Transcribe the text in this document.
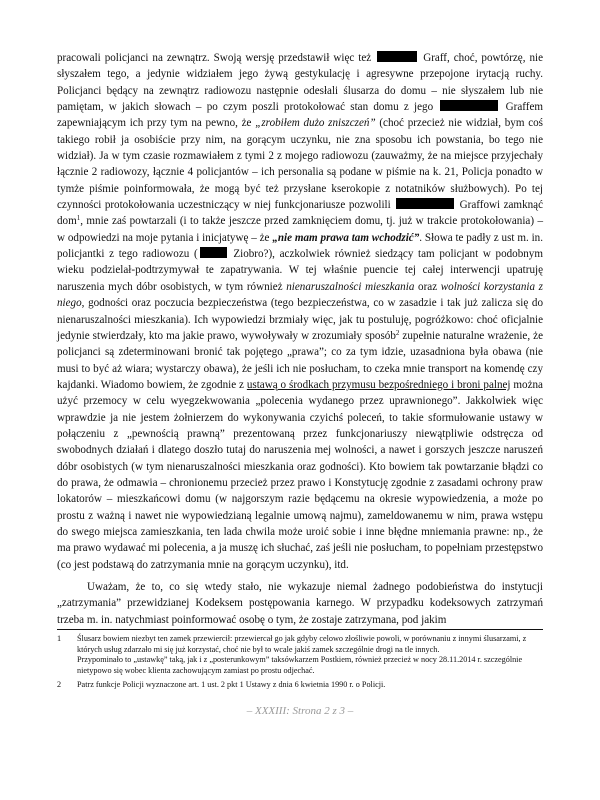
pracowali policjanci na zewnątrz. Swoją wersję przedstawił więc też	Graff, choć, powtórzę, nie słyszałem tego, a jedynie widziałem jego żywą gestykulację i agresywne przepojone irytacją ruchy. Policjanci będący na zewnątrz radiowozu następnie odesłali ślusarza do domu – nie słyszałem lub nie pamiętam, w jakich słowach – po czym poszli protokołować stan domu z jego	Graffem zapewniającym ich przy tym na pewno, że „zrobiłem dużo zniszczeń” (choć przecież nie widział, bym coś takiego robił ja osobiście przy nim, na gorącym uczynku, nie zna sposobu ich powstania, bo tego nie widział). Ja w tym czasie rozmawiałem z tymi 2 z mojego radiowozu (zauważmy, że na miejsce przyjechały łącznie 2 radiowozy, łącznie 4 policjantów – ich personalia są podane w piśmie na k. 21, Policja ponadto w tymże piśmie poinformowała, że mogą być też przysłane kserokopie z notatników służbowych). Po tej czynności protokołowania uczestniczący w niej funkcjonariusze pozwolili	Graffowi zamknąć dom$^1$, mnie zaś powtarzali (i to także jeszcze przed zamknięciem domu, tj. już w trakcie protokołowania) – w odpowiedzi na moje pytania i inicjatywę – że „nie mam prawa tam wchodzić”. Słowa te padły z ust m. in. policjantki z tego radiowozu (	Ziobro?), aczkolwiek również siedzący tam policjant w podobnym wieku podzielał-podtrzymywał te zapatrywania. W tej właśnie puencie tej całej interwencji upatruję naruszenia mych dóbr osobistych, w tym również nienaruszalności mieszkania oraz wolności korzystania z niego, godności oraz poczucia bezpieczeństwa (tego bezpieczeństwa, co w zasadzie i tak już zalicza się do nienaruszalności mieszkania). Ich wypowiedzi brzmiały więc, jak tu postuluję, pogróżkowo: choć oficjalnie jedynie stwierdzały, kto ma jakie prawo, wywoływały w zrozumiały sposób$^2$ zupełnie naturalne wrażenie, że policjanci są zdeterminowani bronić tak pojętego „prawa”; co za tym idzie, uzasadniona była obawa (nie musi to być aż wiara; wystarczy obawa), że jeśli ich nie posłucham, to czeka mnie transport na komendę czy kajdanki. Wiadomo bowiem, że zgodnie z ustawą o środkach przymusu bezpośredniego i broni palnej można użyć przemocy w celu wyegzekwowania „polecenia wydanego przez uprawnionego”. Jakkolwiek więc wprawdzie ja nie jestem żołnierzem do wykonywania czyichś poleceń, to takie sformułowanie ustawy w połączeniu z „pewnością prawną” prezentowaną przez funkcjonariuszy niewątpliwie odstręcza od swobodnych działań i dlatego doszło tutaj do naruszenia mej wolności, a nawet i gorszych jeszcze naruszeń dóbr osobistych (w tym nienaruszalności mieszkania oraz godności). Kto bowiem tak powtarzanie błądzi co do prawa, że odmawia – chronionemu przecież przez prawo i Konstytucję zgodnie z zasadami ochrony praw lokatorów – mieszkańcowi domu (w najgorszym razie będącemu na okresie wypowiedzenia, a może po prostu z ważną i nawet nie wypowiedzianą legalnie umową najmu), zameldowanemu w nim, prawa wstępu do swego miejsca zamieszkania, ten lada chwila może uroić sobie i inne błędne mniemania prawne: np., że ma prawo wydawać mi polecenia, a ja muszę ich słuchać, zaś jeśli nie posłucham, to popełniam przestępstwo (co jest podstawą do zatrzymania mnie na gorącym uczynku), itd.

Uważam, że to, co się wtedy stało, nie wykazuje niemal żadnego podobieństwa do instytucji „zatrzymania” przewidzianej Kodeksem postępowania karnego. W przypadku kodeksowych zatrzymań trzeba m. in. natychmiast poinformować osobę o tym, że zostaje zatrzymana, pod jakim

1 Ślusarz bowiem niezbyt ten zamek przewiercił: przewiercał go jak gdyby celowo złośliwie powoli, w porównaniu z innymi ślusarzami, z których usług zdarzało mi się już korzystać, choć nie był to wcale jakiś zamek szczególnie drogi na tle innych.

Przypominało to „ustawkę” taką, jak i z „posterunkowym” taksówkarzem Postkiem, również przecież w nocy 28.11.2014 r. szczególnie nietypowo się wobec klienta zachowującym zamiast po prostu odjechać.

2 Patrz funkcje Policji wyznaczone art. 1 ust. 2 pkt 1 Ustawy z dnia 6 kwietnia 1990 r. o Policji.

– XXXIII: Strona 2 z 3 –
